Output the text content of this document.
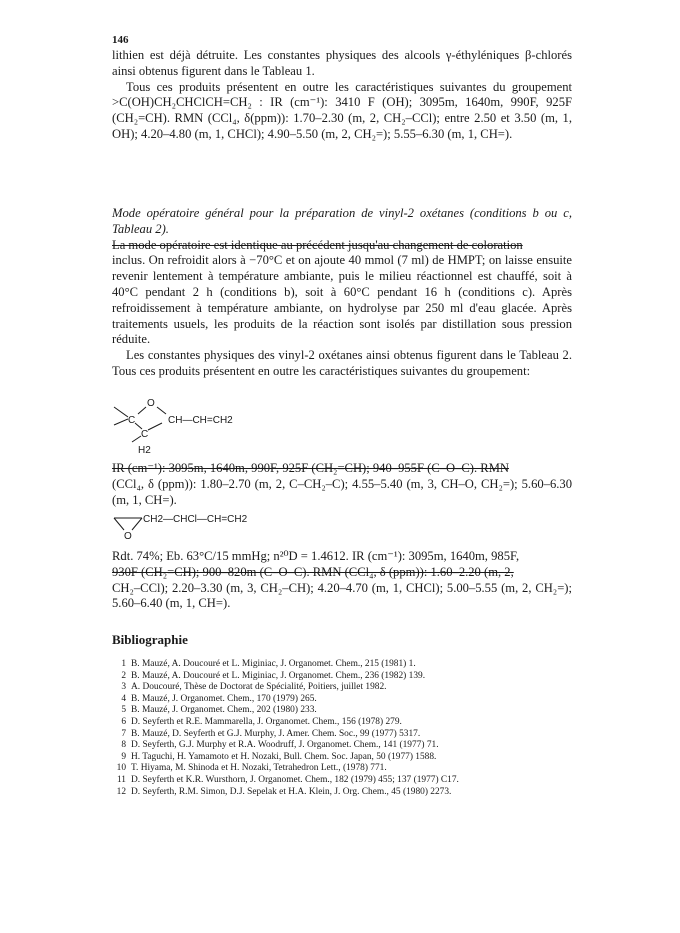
146

lithien est déjà détruite. Les constantes physiques des alcools γ-éthyléniques β-chlorés ainsi obtenus figurent dans le Tableau 1.

Tous ces produits présentent en outre les caractéristiques suivantes du groupement >C(OH)CH₂CHClCH=CH₂ : IR (cm⁻¹): 3410 F (OH); 3095m, 1640m, 990F, 925F (CH₂=CH). RMN (CCl₄, δ(ppm)): 1.70–2.30 (m, 2, CH₂–CCl); entre 2.50 et 3.50 (m, 1, OH); 4.20–4.80 (m, 1, CHCl); 4.90–5.50 (m, 2, CH₂=); 5.55–6.30 (m, 1, CH=).

Mode opératoire général pour la préparation de vinyl-2 oxétanes (conditions b ou c, Tableau 2).

La mode opératoire est identique au précédent jusqu'au changement de coloration

inclus. On refroidit alors à −70°C et on ajoute 40 mmol (7 ml) de HMPT; on laisse ensuite revenir lentement à température ambiante, puis le milieu réactionnel est chauffé, soit à 40°C pendant 2 h (conditions b), soit à 60°C pendant 16 h (conditions c). Après refroidissement à température ambiante, on hydrolyse par 250 ml d'eau glacée. Après traitements usuels, les produits de la réaction sont isolés par distillation sous pression réduite.

Les constantes physiques des vinyl-2 oxétanes ainsi obtenus figurent dans le Tableau 2. Tous ces produits présentent en outre les caractéristiques suivantes du groupement:

O
C
C
H2
CH—CH=CH2

IR (cm⁻¹): 3095m, 1640m, 990F, 925F (CH₂=CH); 940–955F (C–O–C). RMN

(CCl₄, δ (ppm)): 1.80–2.70 (m, 2, C–CH₂–C); 4.55–5.40 (m, 3, CH–O, CH₂=); 5.60–6.30 (m, 1, CH=).

O
CH2—CHCl—CH=CH2

Rdt. 74%; Eb. 63°C/15 mmHg; n²⁰D = 1.4612. IR (cm⁻¹): 3095m, 1640m, 985F,

930F (CH₂=CH); 900–820m (C–O–C). RMN (CCl₄, δ (ppm)): 1.60–2.20 (m, 2,

CH₂–CCl); 2.20–3.30 (m, 3, CH₂–CH); 4.20–4.70 (m, 1, CHCl); 5.00–5.55 (m, 2, CH₂=); 5.60–6.40 (m, 1, CH=).

Bibliographie
1 B. Mauzé, A. Doucouré et L. Miginiac, J. Organomet. Chem., 215 (1981) 1.
2 B. Mauzé, A. Doucouré et L. Miginiac, J. Organomet. Chem., 236 (1982) 139.
3 A. Doucouré, Thèse de Doctorat de Spécialité, Poitiers, juillet 1982.
4 B. Mauzé, J. Organomet. Chem., 170 (1979) 265.
5 B. Mauzé, J. Organomet. Chem., 202 (1980) 233.
6 D. Seyferth et R.E. Mammarella, J. Organomet. Chem., 156 (1978) 279.
7 B. Mauzé, D. Seyferth et G.J. Murphy, J. Amer. Chem. Soc., 99 (1977) 5317.
8 D. Seyferth, G.J. Murphy et R.A. Woodruff, J. Organomet. Chem., 141 (1977) 71.
9 H. Taguchi, H. Yamamoto et H. Nozaki, Bull. Chem. Soc. Japan, 50 (1977) 1588.
10 T. Hiyama, M. Shinoda et H. Nozaki, Tetrahedron Lett., (1978) 771.
11 D. Seyferth et K.R. Wursthorn, J. Organomet. Chem., 182 (1979) 455; 137 (1977) C17.
12 D. Seyferth, R.M. Simon, D.J. Sepelak et H.A. Klein, J. Org. Chem., 45 (1980) 2273.
